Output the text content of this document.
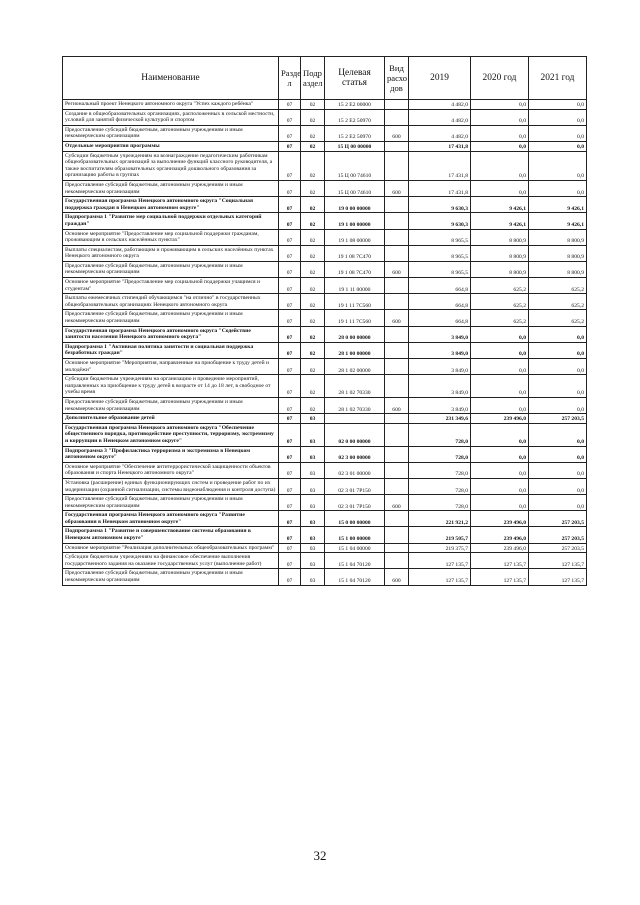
Наименование	Разде л	Подр аздел	Целевая статья	Вид расхо дов	2019	2020 год	2021 год
Региональный проект Ненецкого автономного округа "Успех каждого ребёнка"	07	02	15 2 E2 00000		4 482,0	0,0	0,0
Создание в общеобразовательных организациях, расположенных в сельской местности, условий для занятий физической культурой и спортом	07	02	15 2 E2 50970		4 482,0	0,0	0,0
Предоставление субсидий бюджетным, автономным учреждениям и иным некоммерческим организациям	07	02	15 2 E2 50970	600	4 482,0	0,0	0,0
Отдельные мероприятия программы	07	02	15 Ц 00 00000		17 431,8	0,0	0,0
Субсидии бюджетным учреждениям на вознаграждение педагогическим работникам общеобразовательных организаций за выполнение функций классного руководителя, а также воспитателям образовательных организаций дошкольного образования за организацию работы в группах	07	02	15 Ц 00 74610		17 431,8	0,0	0,0
Предоставление субсидий бюджетным, автономным учреждениям и иным некоммерческим организациям	07	02	15 Ц 00 74610	600	17 431,8	0,0	0,0
Государственная программа Ненецкого автономного округа "Социальная поддержка граждан в Ненецком автономном округе"	07	02	19 0 00 00000		9 630,3	9 426,1	9 426,1
Подпрограмма 1 "Развитие мер социальной поддержки отдельных категорий граждан"	07	02	19 1 00 00000		9 630,3	9 426,1	9 426,1
Основное мероприятие "Предоставление мер социальной поддержки гражданам, проживающим в сельских населённых пунктах"	07	02	19 1 08 00000		8 965,5	8 800,9	8 800,9
Выплаты специалистам, работающим и проживающим в сельских населённых пунктах Ненецкого автономного округа	07	02	19 1 08 7С470		8 965,5	8 800,9	8 800,9
Предоставление субсидий бюджетным, автономным учреждениям и иным некоммерческим организациям	07	02	19 1 08 7С470	600	8 965,5	8 800,9	8 800,9
Основное мероприятие "Предоставление мер социальной поддержки учащимся и студентам"	07	02	19 1 11 00000		664,8	625,2	625,2
Выплаты ежемесячных стипендий обучающимся "на отлично" в государственных общеобразовательных организациях Ненецкого автономного округа	07	02	19 1 11 7С560		664,8	625,2	625,2
Предоставление субсидий бюджетным, автономным учреждениям и иным некоммерческим организациям	07	02	19 1 11 7С560	600	664,8	625,2	625,2
Государственная программа Ненецкого автономного округа "Содействие занятости населения Ненецкого автономного округа"	07	02	28 0 00 00000		3 849,0	0,0	0,0
Подпрограмма 1 "Активная политика занятости и социальная поддержка безработных граждан"	07	02	28 1 00 00000		3 849,0	0,0	0,0
Основное мероприятие "Мероприятия, направленные на приобщение к труду детей и молодёжи"	07	02	28 1 02 00000		3 849,0	0,0	0,0
Субсидии бюджетным учреждениям на организацию и проведение мероприятий, направленных на приобщение к труду детей в возрасте от 14 до 18 лет, в свободное от учебы время	07	02	28 1 02 70330		3 849,0	0,0	0,0
Предоставление субсидий бюджетным, автономным учреждениям и иным некоммерческим организациям	07	02	28 1 02 70330	600	3 849,0	0,0	0,0
Дополнительное образование детей	07	03			231 349,6	239 496,0	257 203,5
Государственная программа Ненецкого автономного округа "Обеспечение общественного порядка, противодействие преступности, терроризму, экстремизму и коррупции в Ненецком автономном округе"	07	03	02 0 00 00000		728,0	0,0	0,0
Подпрограмма 3 "Профилактика терроризма и экстремизма в Ненецком автономном округе"	07	03	02 3 00 00000		728,0	0,0	0,0
Основное мероприятие "Обеспечение антитеррористической защищенности объектов образования и спорта Ненецкого автономного округа"	07	03	02 3 01 00000		728,0	0,0	0,0
Установка (расширение) единых функционирующих систем и проведение работ по их модернизации (охранной сигнализации, системы видеонаблюдения и контроля доступа)	07	03	02 3 01 7Р150		728,0	0,0	0,0
Предоставление субсидий бюджетным, автономным учреждениям и иным некоммерческим организациям	07	03	02 3 01 7Р150	600	728,0	0,0	0,0
Государственная программа Ненецкого автономного округа "Развитие образования в Ненецком автономном округе"	07	03	15 0 00 00000		221 921,2	239 496,0	257 203,5
Подпрограмма 1 "Развитие и совершенствование системы образования в Ненецком автономном округе"	07	03	15 1 00 00000		219 505,7	239 496,0	257 203,5
Основное мероприятие "Реализация дополнительных общеобразовательных программ"	07	03	15 1 04 00000		219 375,7	239 496,0	257 203,5
Субсидии бюджетным учреждениям на финансовое обеспечение выполнения государственного задания на оказание государственных услуг (выполнение работ)	07	03	15 1 04 70120		127 135,7	127 135,7	127 135,7
Предоставление субсидий бюджетным, автономным учреждениям и иным некоммерческим организациям	07	03	15 1 04 70120	600	127 135,7	127 135,7	127 135,7
32
